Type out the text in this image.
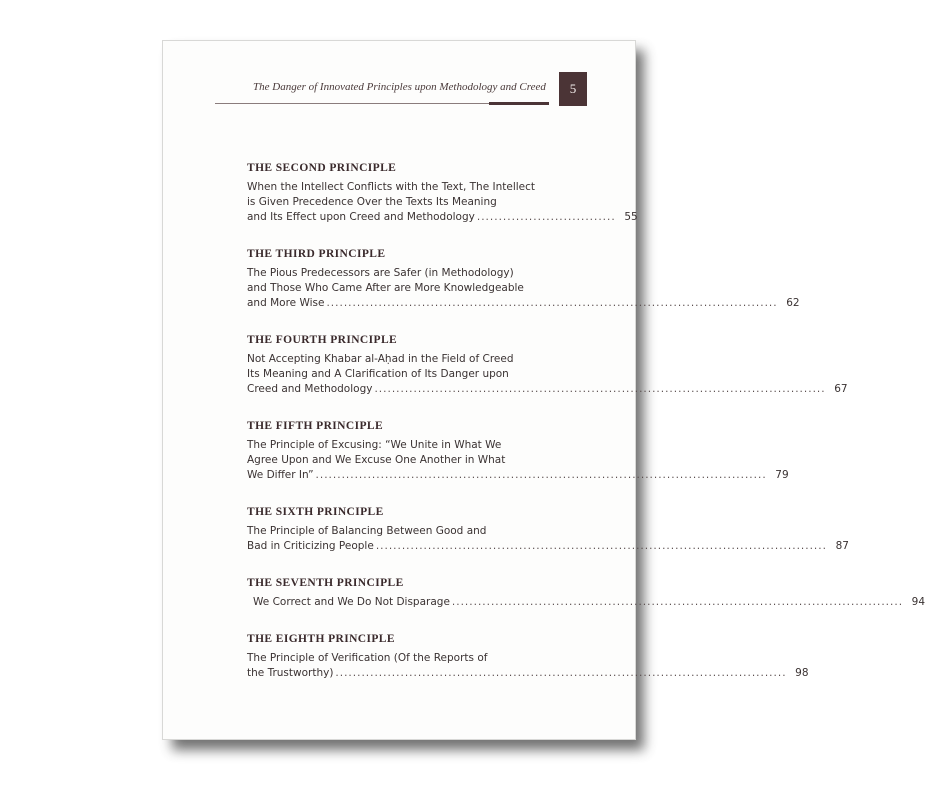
The Danger of Innovated Principles upon Methodology and Creed 5
THE SECOND PRINCIPLE
When the Intellect Conflicts with the Text, The Intellect
is Given Precedence Over the Texts Its Meaning
and Its Effect upon Creed and Methodology ................................ 55
THE THIRD PRINCIPLE
The Pious Predecessors are Safer (in Methodology)
and Those Who Came After are More Knowledgeable
and More Wise ........................................................................................................ 62
THE FOURTH PRINCIPLE
Not Accepting Khabar al-Aḥad in the Field of Creed
Its Meaning and A Clarification of Its Danger upon
Creed and Methodology ........................................................................................................ 67
THE FIFTH PRINCIPLE
The Principle of Excusing: “We Unite in What We
Agree Upon and We Excuse One Another in What
We Differ In” ........................................................................................................ 79
THE SIXTH PRINCIPLE
The Principle of Balancing Between Good and
Bad in Criticizing People ........................................................................................................ 87
THE SEVENTH PRINCIPLE
We Correct and We Do Not Disparage ........................................................................................................ 94
THE EIGHTH PRINCIPLE
The Principle of Verification (Of the Reports of
the Trustworthy) ........................................................................................................ 98
